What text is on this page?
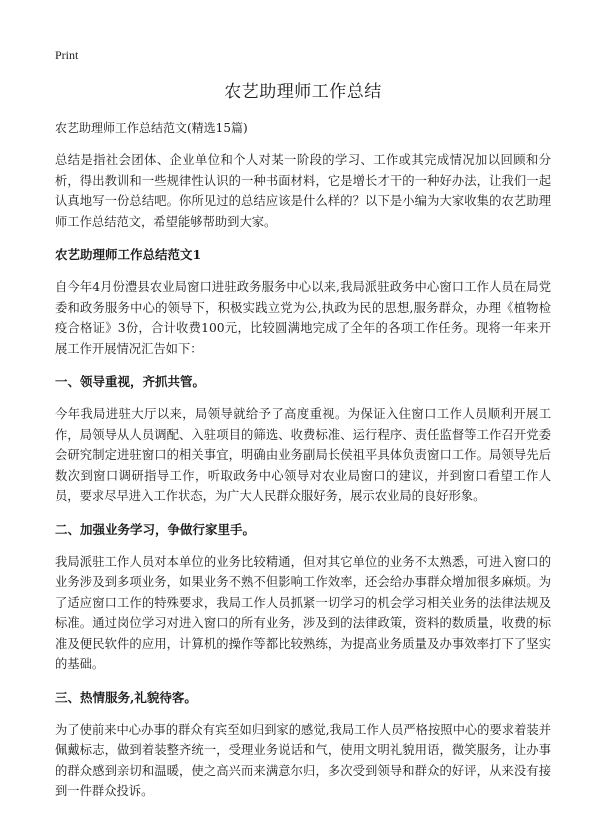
Print
农艺助理师工作总结
农艺助理师工作总结范文(精选15篇)

总结是指社会团体、企业单位和个人对某一阶段的学习、工作或其完成情况加以回顾和分析，得出教训和一些规律性认识的一种书面材料，它是增长才干的一种好办法，让我们一起认真地写一份总结吧。你所见过的总结应该是什么样的？以下是小编为大家收集的农艺助理师工作总结范文，希望能够帮助到大家。

农艺助理师工作总结范文1

自今年4月份澧县农业局窗口进驻政务服务中心以来,我局派驻政务中心窗口工作人员在局党委和政务服务中心的领导下，积极实践立党为公,执政为民的思想,服务群众，办理《植物检疫合格证》3份，合计收费100元，比较圆满地完成了全年的各项工作任务。现将一年来开展工作开展情况汇告如下：

一、领导重视，齐抓共管。

今年我局进驻大厅以来，局领导就给予了高度重视。为保证入住窗口工作人员顺利开展工作，局领导从人员调配、入驻项目的筛选、收费标准、运行程序、责任监督等工作召开党委会研究制定进驻窗口的相关事宜，明确由业务副局长侯祖平具体负责窗口工作。局领导先后数次到窗口调研指导工作，听取政务中心领导对农业局窗口的建议，并到窗口看望工作人员，要求尽早进入工作状态，为广大人民群众服好务，展示农业局的良好形象。

二、加强业务学习，争做行家里手。

我局派驻工作人员对本单位的业务比较精通，但对其它单位的业务不太熟悉，可进入窗口的业务涉及到多项业务，如果业务不熟不但影响工作效率，还会给办事群众增加很多麻烦。为了适应窗口工作的特殊要求，我局工作人员抓紧一切学习的机会学习相关业务的法律法规及标准。通过岗位学习对进入窗口的所有业务，涉及到的法律政策，资料的数质量，收费的标准及便民软件的应用，计算机的操作等都比较熟练，为提高业务质量及办事效率打下了坚实的基础。

三、热情服务,礼貌待客。

为了使前来中心办事的群众有宾至如归到家的感觉,我局工作人员严格按照中心的要求着装并佩戴标志，做到着装整齐统一，受理业务说话和气，使用文明礼貌用语，微笑服务，让办事的群众感到亲切和温暖，使之高兴而来满意尔归，多次受到领导和群众的好评，从来没有接到一件群众投诉。
